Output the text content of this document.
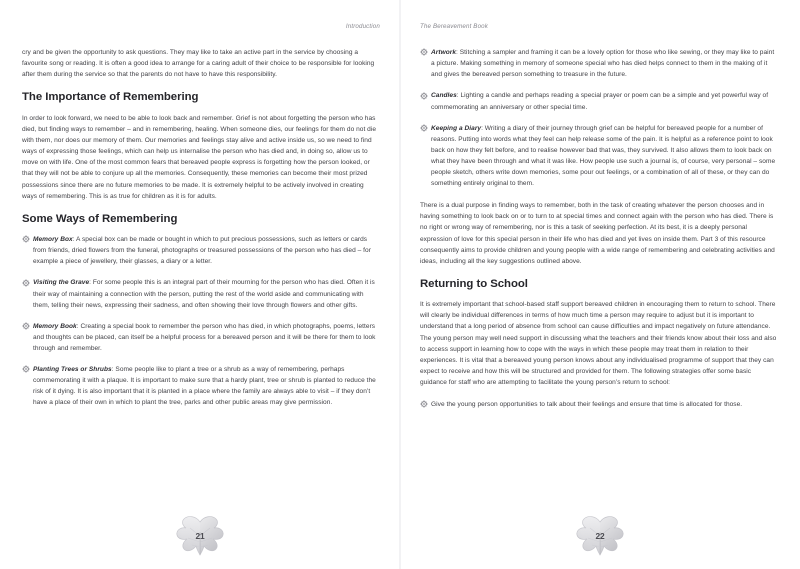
Introduction

cry and be given the opportunity to ask questions. They may like to take an active part in the service by choosing a favourite song or reading. It is often a good idea to arrange for a caring adult of their choice to be responsible for looking after them during the service so that the parents do not have to have this responsibility.

The Importance of Remembering

In order to look forward, we need to be able to look back and remember. Grief is not about forgetting the person who has died, but finding ways to remember – and in remembering, healing. When someone dies, our feelings for them do not die with them, nor does our memory of them. Our memories and feelings stay alive and active inside us, so we need to find ways of expressing those feelings, which can help us internalise the person who has died and, in doing so, allow us to move on with life. One of the most common fears that bereaved people express is forgetting how the person looked, or that they will not be able to conjure up all the memories. Consequently, these memories can become their most prized possessions since there are no future memories to be made. It is extremely helpful to be actively involved in creating ways of remembering. This is as true for children as it is for adults.

Some Ways of Remembering
Memory Box: A special box can be made or bought in which to put precious possessions, such as letters or cards from friends, dried flowers from the funeral, photographs or treasured possessions of the person who has died – for example a piece of jewellery, their glasses, a diary or a letter.
Visiting the Grave: For some people this is an integral part of their mourning for the person who has died. Often it is their way of maintaining a connection with the person, putting the rest of the world aside and communicating with them, telling their news, expressing their sadness, and often showing their love through flowers and other gifts.
Memory Book: Creating a special book to remember the person who has died, in which photographs, poems, letters and thoughts can be placed, can itself be a helpful process for a bereaved person and it will be there for them to look through and remember.
Planting Trees or Shrubs: Some people like to plant a tree or a shrub as a way of remembering, perhaps commemorating it with a plaque. It is important to make sure that a hardy plant, tree or shrub is planted to reduce the risk of it dying. It is also important that it is planted in a place where the family are always able to visit – if they don’t have a place of their own in which to plant the tree, parks and other public areas may give permission.
21
The Bereavement Book
Artwork: Stitching a sampler and framing it can be a lovely option for those who like sewing, or they may like to paint a picture. Making something in memory of someone special who has died helps connect to them in the making of it and gives the bereaved person something to treasure in the future.
Candles: Lighting a candle and perhaps reading a special prayer or poem can be a simple and yet powerful way of commemorating an anniversary or other special time.
Keeping a Diary: Writing a diary of their journey through grief can be helpful for bereaved people for a number of reasons. Putting into words what they feel can help release some of the pain. It is helpful as a reference point to look back on how they felt before, and to realise however bad that was, they survived. It also allows them to look back on what they have been through and what it was like. How people use such a journal is, of course, very personal – some people sketch, others write down memories, some pour out feelings, or a combination of all of these, or they can do something entirely original to them.

There is a dual purpose in finding ways to remember, both in the task of creating whatever the person chooses and in having something to look back on or to turn to at special times and connect again with the person who has died. There is no right or wrong way of remembering, nor is this a task of seeking perfection. At its best, it is a deeply personal expression of love for this special person in their life who has died and yet lives on inside them. Part 3 of this resource consequently aims to provide children and young people with a wide range of remembering and celebrating activities and ideas, including all the key suggestions outlined above.

Returning to School

It is extremely important that school-based staff support bereaved children in encouraging them to return to school. There will clearly be individual differences in terms of how much time a person may require to adjust but it is important to understand that a long period of absence from school can cause difficulties and impact negatively on future attendance. The young person may well need support in discussing what the teachers and their friends know about their loss and also to access support in learning how to cope with the ways in which these people may treat them in relation to their experiences. It is vital that a bereaved young person knows about any individualised programme of support that they can expect to receive and how this will be structured and provided for them. The following strategies offer some basic guidance for staff who are attempting to facilitate the young person’s return to school:

Give the young person opportunities to talk about their feelings and ensure that time is allocated for those.
22
